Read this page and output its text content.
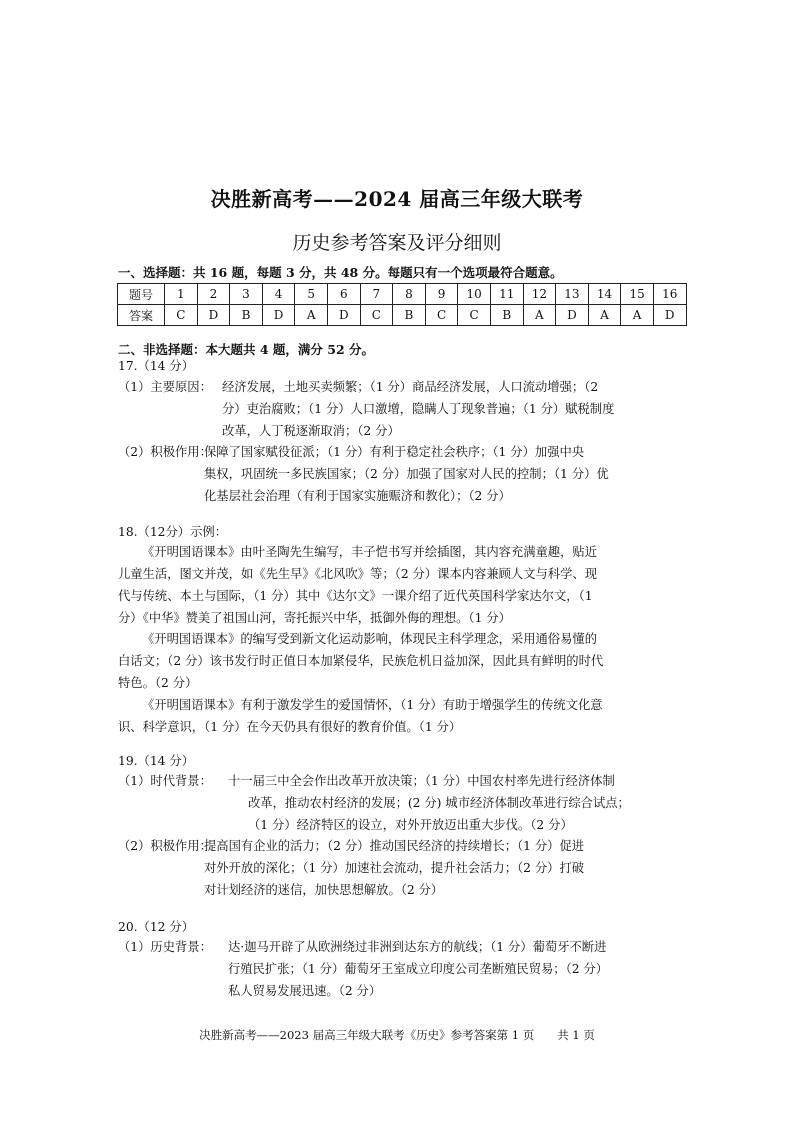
决胜新高考——2024 届高三年级大联考
历史参考答案及评分细则
一、选择题：共 16 题，每题 3 分，共 48 分。每题只有一个选项最符合题意。
题号	1	2	3	4	5	6	7	8	9	10	11	12	13	14	15	16
答案	C	D	B	D	A	D	C	B	C	C	B	A	D	A	A	D
二、非选择题：本大题共 4 题，满分 52 分。
17.（14 分）
（1）主要原因： 经济发展，土地买卖频繁；（1 分）商品经济发展，人口流动增强；（2
分）吏治腐败；（1 分）人口激增，隐瞒人丁现象普遍；（1 分）赋税制度
改革，人丁税逐渐取消；（2 分）
（2）积极作用：
保障了国家赋役征派；（1 分）有利于稳定社会秩序；（1 分）加强中央
集权，巩固统一多民族国家；（2 分）加强了国家对人民的控制；（1 分）优
化基层社会治理（有利于国家实施赈济和教化）；（2 分）
18.（12分）示例：
《开明国语课本》由叶圣陶先生编写，丰子恺书写并绘插图，其内容充满童趣，贴近
儿童生活，图文并茂，如《先生早》《北风吹》等；（2 分）课本内容兼顾人文与科学、现
代与传统、本土与国际，（1 分）其中《达尔文》一课介绍了近代英国科学家达尔文，（1
分）《中华》赞美了祖国山河，寄托振兴中华，抵御外侮的理想。（1 分）
《开明国语课本》的编写受到新文化运动影响，体现民主科学理念，采用通俗易懂的
白话文；（2 分）该书发行时正值日本加紧侵华，民族危机日益加深，因此具有鲜明的时代
特色。（2 分）
《开明国语课本》有利于激发学生的爱国情怀，（1 分）有助于增强学生的传统文化意
识、科学意识，（1 分）在今天仍具有很好的教育价值。（1 分）
19.（14 分）
（1）时代背景： 十一届三中全会作出改革开放决策；（1 分）中国农村率先进行经济体制
改革，推动农村经济的发展；(2 分) 城市经济体制改革进行综合试点；
（1 分）经济特区的设立，对外开放迈出重大步伐。（2 分）
（2）积极作用：
提高国有企业的活力；（2 分）推动国民经济的持续增长；（1 分）促进
对外开放的深化；（1 分）加速社会流动，提升社会活力；（2 分）打破
对计划经济的迷信，加快思想解放。（2 分）
20.（12 分）
（1）历史背景： 达·迦马开辟了从欧洲绕过非洲到达东方的航线；（1 分）葡萄牙不断进
行殖民扩张；（1 分）葡萄牙王室成立印度公司垄断殖民贸易；（2 分）
私人贸易发展迅速。（2 分）
决胜新高考——2023 届高三年级大联考《历史》参考答案第 1 页　　共 1 页
